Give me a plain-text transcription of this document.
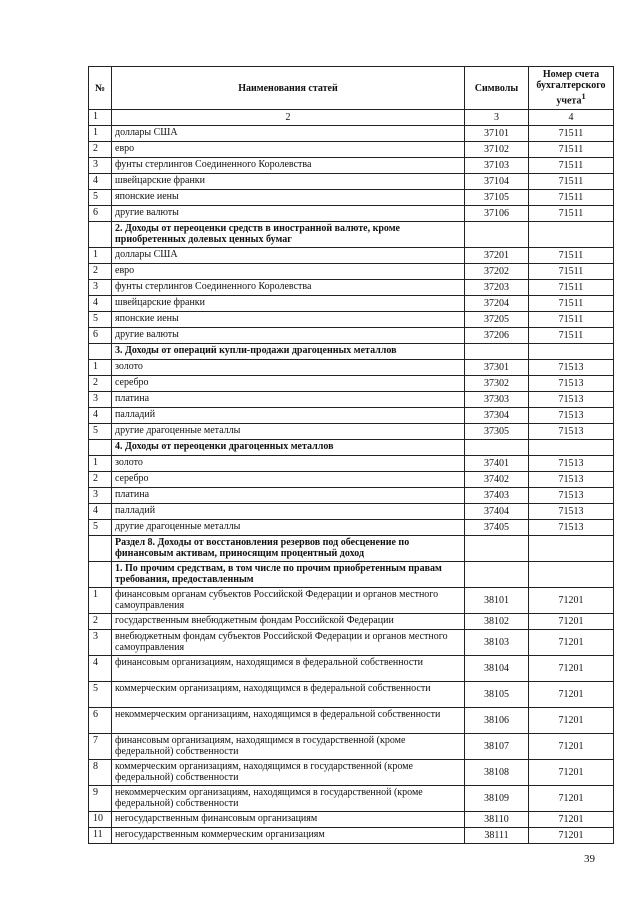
№	Наименования статей	Символы	Номер счета бухгалтерского учета$^1$
1	2	3	4
1	доллары США	37101	71511
2	евро	37102	71511
3	фунты стерлингов Соединенного Королевства	37103	71511
4	швейцарские франки	37104	71511
5	японские иены	37105	71511
6	другие валюты	37106	71511
	2. Доходы от переоценки средств в иностранной валюте, кроме приобретенных долевых ценных бумаг		
1	доллары США	37201	71511
2	евро	37202	71511
3	фунты стерлингов Соединенного Королевства	37203	71511
4	швейцарские франки	37204	71511
5	японские иены	37205	71511
6	другие валюты	37206	71511
	3. Доходы от операций купли-продажи драгоценных металлов		
1	золото	37301	71513
2	серебро	37302	71513
3	платина	37303	71513
4	палладий	37304	71513
5	другие драгоценные металлы	37305	71513
	4. Доходы от переоценки драгоценных металлов		
1	золото	37401	71513
2	серебро	37402	71513
3	платина	37403	71513
4	палладий	37404	71513
5	другие драгоценные металлы	37405	71513
	Раздел 8. Доходы от восстановления резервов под обесценение по финансовым активам, приносящим процентный доход		
	1. По прочим средствам, в том числе по прочим приобретенным правам требования, предоставленным		
1	финансовым органам субъектов Российской Федерации и органов местного самоуправления	38101	71201
2	государственным внебюджетным фондам Российской Федерации	38102	71201
3	внебюджетным фондам субъектов Российской Федерации и органов местного самоуправления	38103	71201
4	финансовым организациям, находящимся в федеральной собственности	38104	71201
5	коммерческим организациям, находящимся в федеральной собственности	38105	71201
6	некоммерческим организациям, находящимся в федеральной собственности	38106	71201
7	финансовым организациям, находящимся в государственной (кроме федеральной) собственности	38107	71201
8	коммерческим организациям, находящимся в государственной (кроме федеральной) собственности	38108	71201
9	некоммерческим организациям, находящимся в государственной (кроме федеральной) собственности	38109	71201
10	негосударственным финансовым организациям	38110	71201
11	негосударственным коммерческим организациям	38111	71201
39
